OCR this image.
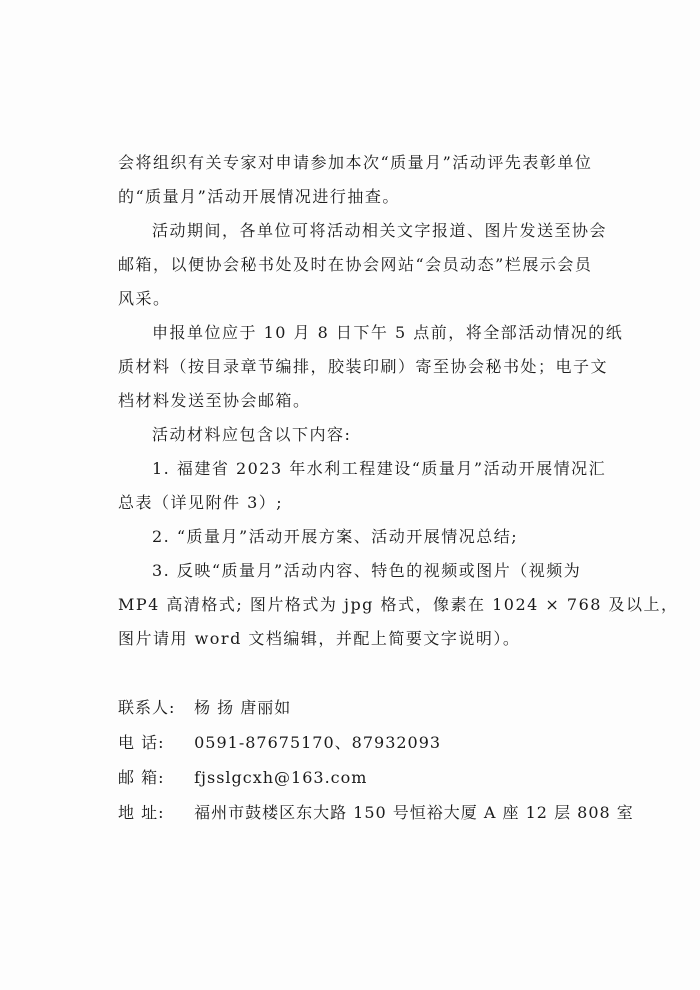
会将组织有关专家对申请参加本次“质量月”活动评先表彰单位
的“质量月”活动开展情况进行抽查。

活动期间，各单位可将活动相关文字报道、图片发送至协会
邮箱，以便协会秘书处及时在协会网站“会员动态”栏展示会员
风采。

申报单位应于 10 月 8 日下午 5 点前，将全部活动情况的纸
质材料（按目录章节编排，胶装印刷）寄至协会秘书处；电子文
档材料发送至协会邮箱。

活动材料应包含以下内容:

1. 福建省 2023 年水利工程建设“质量月”活动开展情况汇
总表（详见附件 3）;

2. “质量月”活动开展方案、活动开展情况总结;

3. 反映“质量月”活动内容、特色的视频或图片（视频为
MP4 高清格式; 图片格式为 jpg 格式，像素在 1024 × 768 及以上，
图片请用 word 文档编辑，并配上简要文字说明）。

联系人: 杨 扬 唐丽如
电 话: 0591-87675170、87932093
邮 箱: fjsslgcxh@163.com
地 址: 福州市鼓楼区东大路 150 号恒裕大厦 A 座 12 层 808 室
